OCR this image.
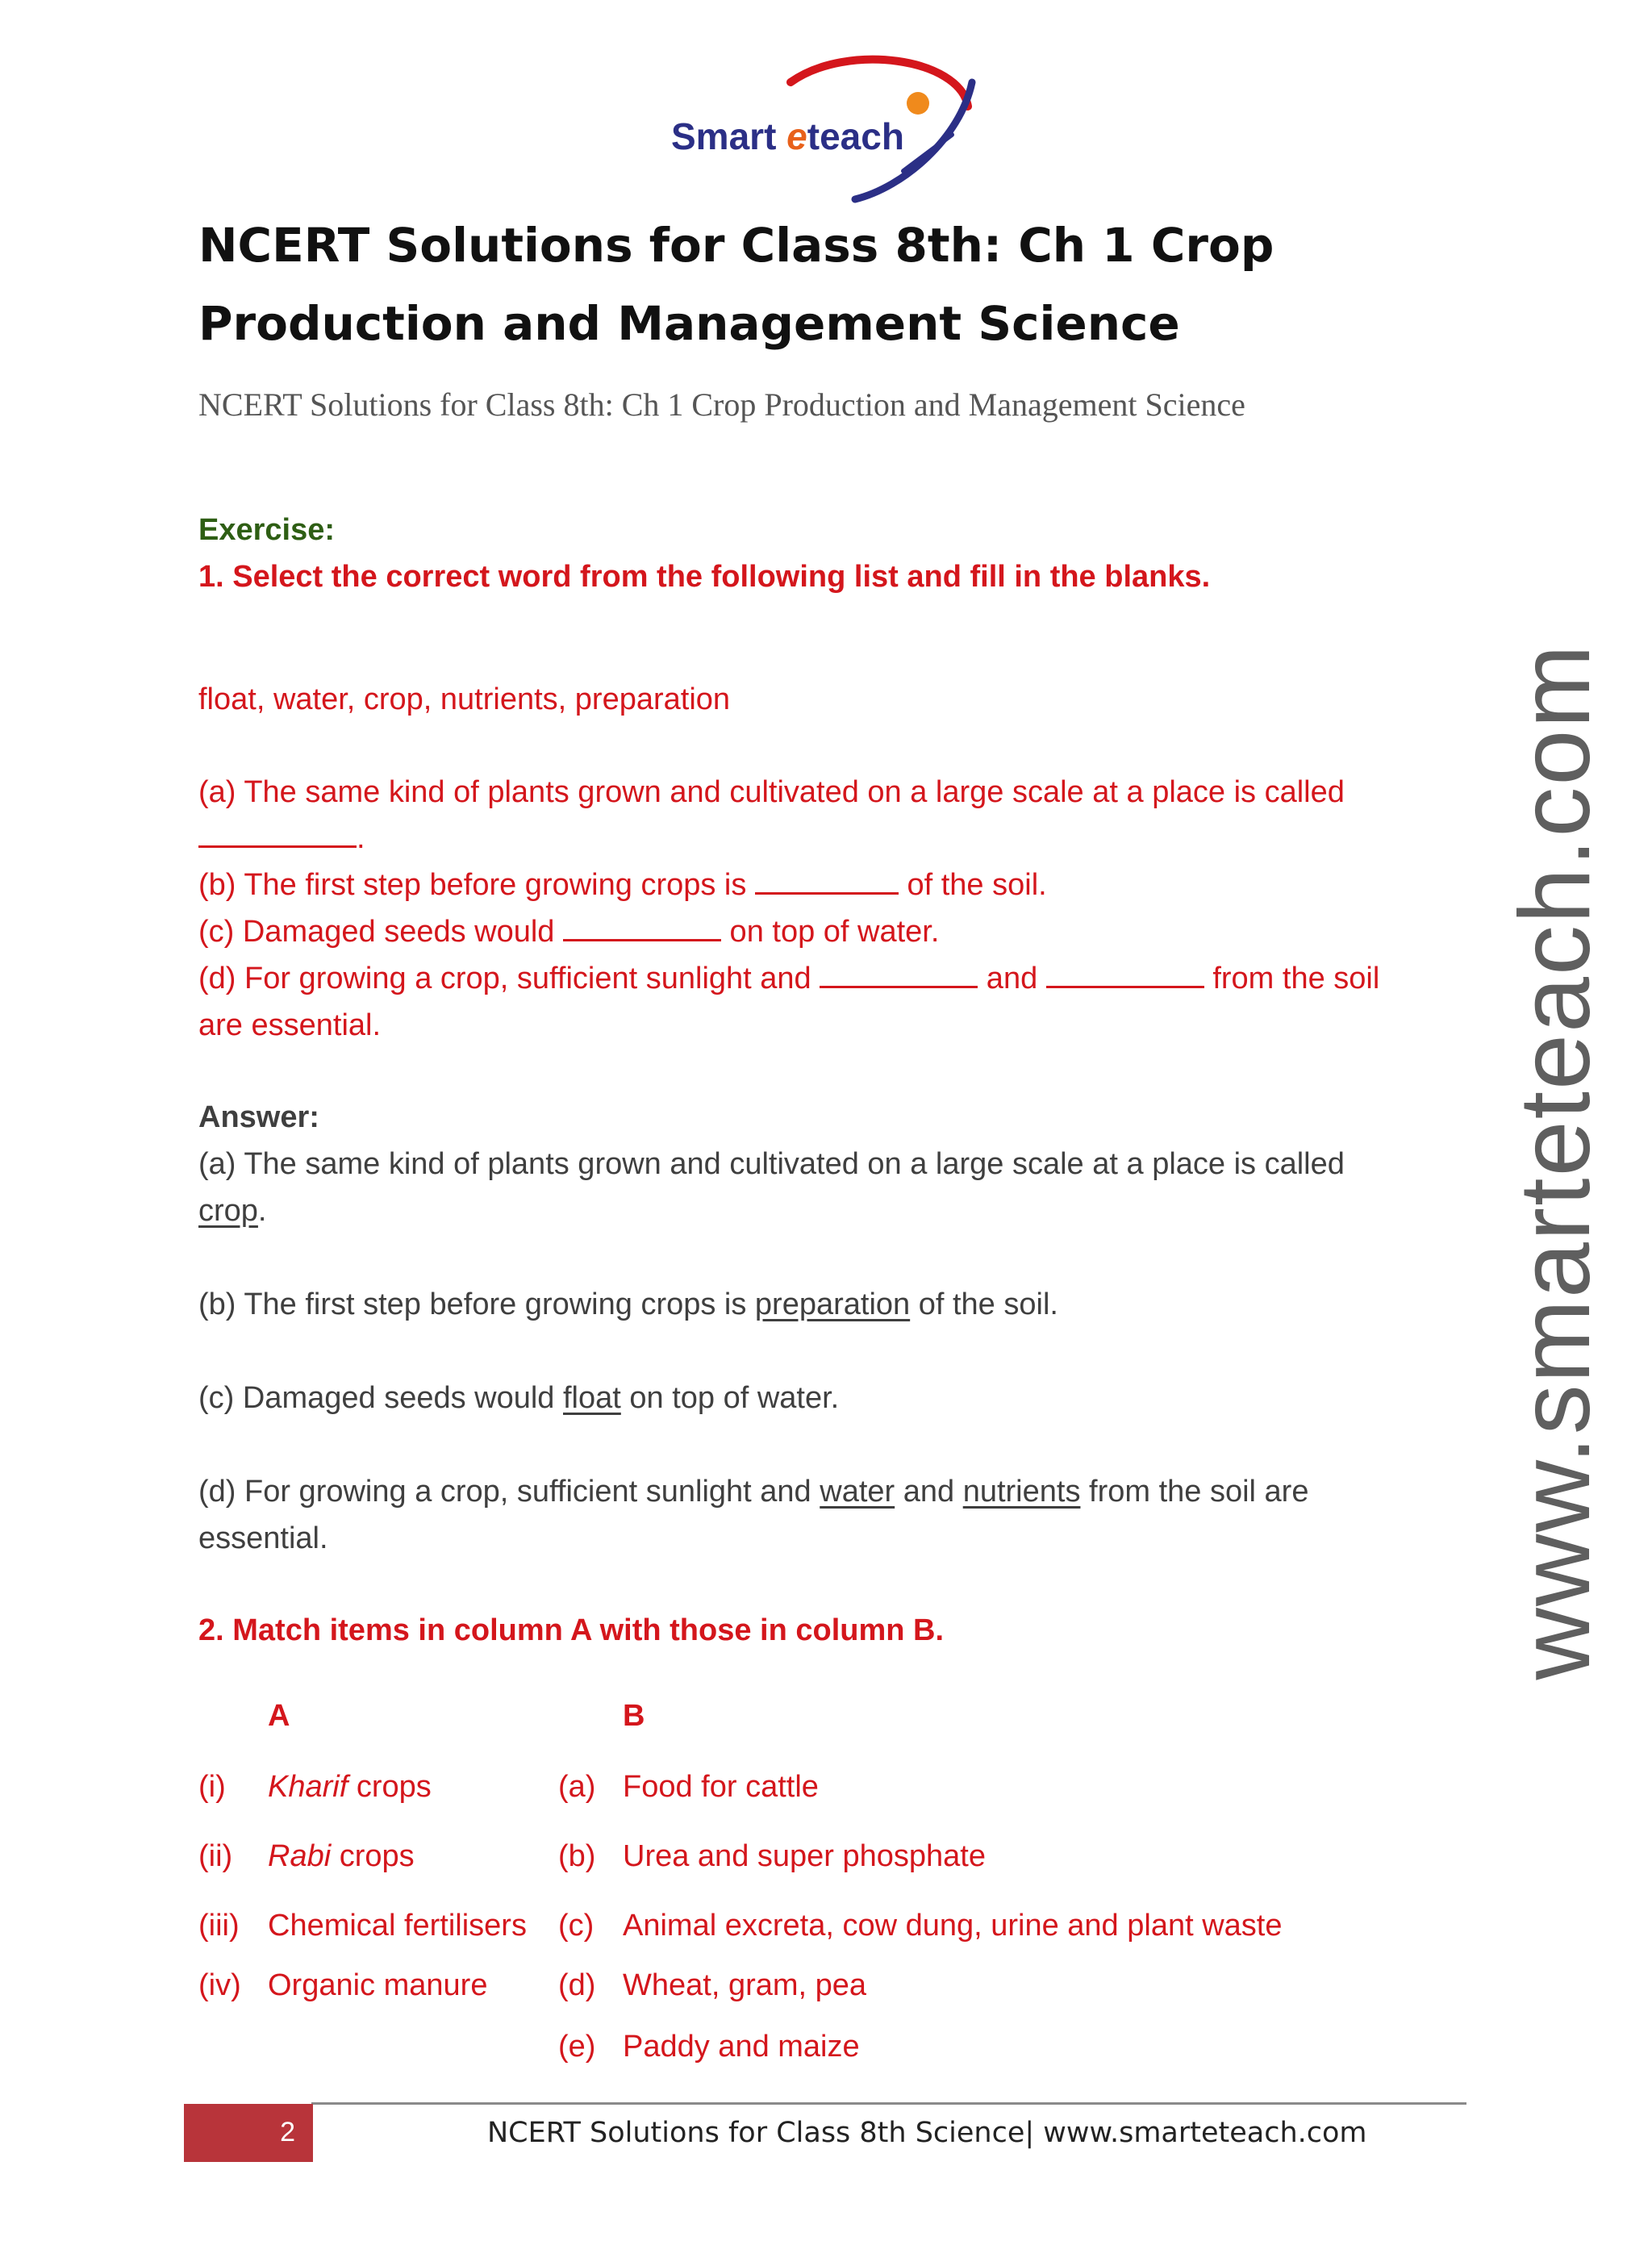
Smart eteach
NCERT Solutions for Class 8th: Ch 1 Crop Production and Management Science
NCERT Solutions for Class 8th: Ch 1 Crop Production and Management Science
Exercise:
1. Select the correct word from the following list and fill in the blanks.
float, water, crop, nutrients, preparation
(a) The same kind of plants grown and cultivated on a large scale at a place is called
.
(b) The first step before growing crops is	of the soil.
(c) Damaged seeds would	on top of water.
(d) For growing a crop, sufficient sunlight and	and	from the soil
are essential.
Answer:
(a) The same kind of plants grown and cultivated on a large scale at a place is called
crop.
(b) The first step before growing crops is preparation of the soil.
(c) Damaged seeds would float on top of water.
(d) For growing a crop, sufficient sunlight and water and nutrients from the soil are
essential.
2. Match items in column A with those in column B.
A	B
(i) Kharif crops	(a) Food for cattle
(ii) Rabi crops	(b) Urea and super phosphate
(iii) Chemical fertilisers (c) Animal excreta, cow dung, urine and plant waste
(iv) Organic manure (d) Wheat, gram, pea
(e) Paddy and maize
www.smarteteach.com
2	NCERT Solutions for Class 8th Science| www.smarteteach.com
